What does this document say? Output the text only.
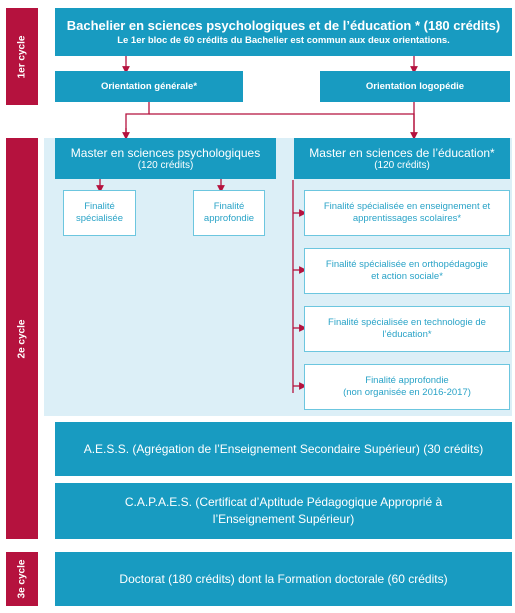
1er cycle
2e cycle
3e cycle
Bachelier en sciences psychologiques et de l’éducation * (180 crédits)
Le 1er bloc de 60 crédits du Bachelier est commun aux deux orientations.
Orientation générale*	Orientation logopédie
Master en sciences psychologiques
(120 crédits)
Finalité
spécialisée
Finalité
approfondie
Master en sciences de l’éducation*
(120 crédits)
Finalité spécialisée en enseignement et
apprentissages scolaires*
Finalité spécialisée en orthopédagogie
et action sociale*
Finalité spécialisée en technologie de
l’éducation*
Finalité approfondie
(non organisée en 2016-2017)
A.E.S.S. (Agrégation de l’Enseignement Secondaire Supérieur) (30 crédits)
C.A.P.A.E.S. (Certificat d’Aptitude Pédagogique Approprié à
l’Enseignement Supérieur)
Doctorat (180 crédits) dont la Formation doctorale (60 crédits)
